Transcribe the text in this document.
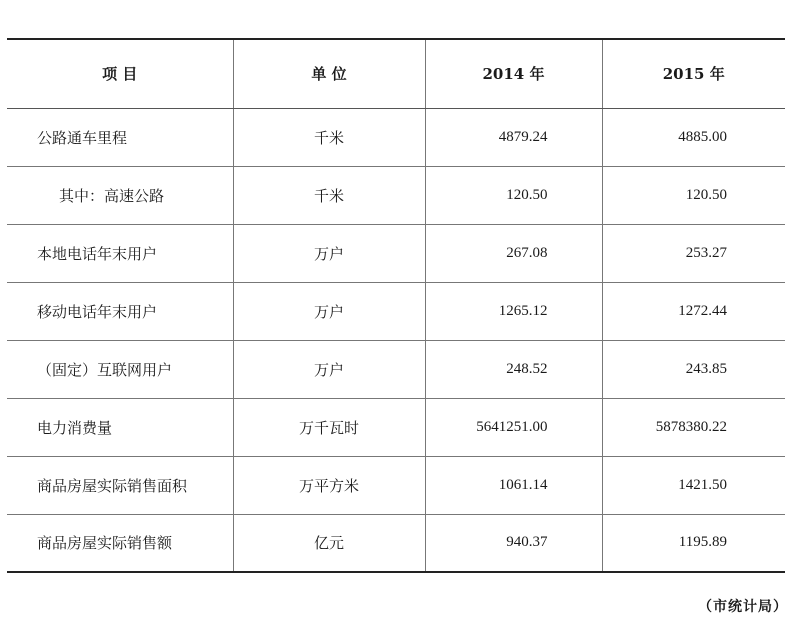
项 目	单 位	2014 年	2015 年
公路通车里程	千米	4879.24	4885.00
其中：高速公路	千米	120.50	120.50
本地电话年末用户	万户	267.08	253.27
移动电话年末用户	万户	1265.12	1272.44
（固定）互联网用户	万户	248.52	243.85
电力消费量	万千瓦时	5641251.00	5878380.22
商品房屋实际销售面积	万平方米	1061.14	1421.50
商品房屋实际销售额	亿元	940.37	1195.89
（市统计局）
